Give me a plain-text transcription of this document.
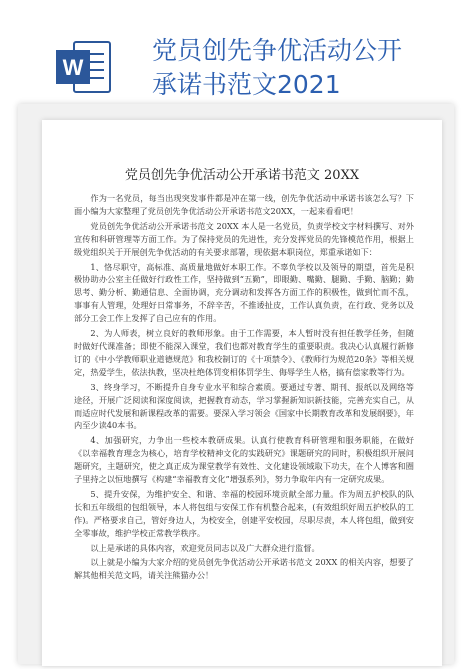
W
党员创先争优活动公开
承诺书范文2021
党员创先争优活动公开承诺书范文 20XX

作为一名党员，每当出现突发事件都是冲在第一线，创先争优活动中承诺书该怎么写？下面小编为大家整理了党员创先争优活动公开承诺书范文20XX，一起来看看吧！

党员创先争优活动公开承诺书范文 20XX 本人是一名党员，负责学校文字材料撰写、对外宣传和科研管理等方面工作。为了保持党员的先进性，充分发挥党员的先锋模范作用，根据上级党组织关于开展创先争优活动的有关要求部署，现依据本职岗位，郑重承诺如下：

1、恪尽职守，高标准、高质量地做好本职工作。不辜负学校以及领导的期望，首先是积极协助办公室主任做好行政性工作，坚持做到“五勤”，即眼勤、嘴勤、腿勤、手勤、脑勤；勤思考、勤分析、勤通信息、全面协调，充分调动和发挥各方面工作的积极性，做到忙而不乱，事事有人管理，处理好日常事务，不辞辛苦，不推诿扯皮，工作认真负责，在行政、党务以及部分工会工作上发挥了自己应有的作用。

2、为人师表，树立良好的教师形象。由于工作需要，本人暂时没有担任教学任务，但随时做好代课准备；即使不能深入课堂，我们也都对教育学生的重要职责。我决心认真履行新修订的《中小学教师职业道德规范》和我校制订的《十项禁令》、《教师行为规范20条》等相关规定，热爱学生，依法执教，坚决杜绝体罚变相体罚学生、侮辱学生人格，搞有偿家教等行为。

3、终身学习，不断提升自身专业水平和综合素质。要通过专著、期刊、报纸以及网络等途径，开展广泛阅读和深度阅读，把握教育动态，学习掌握新知识新技能，完善充实自己，从而适应时代发展和新课程改革的需要。要深入学习领会《国家中长期教育改革和发展纲要》，年内至少读40本书。

4、加强研究，力争出一些校本教研成果。认真行使教育科研管理和服务职能，在做好《以幸福教育理念为核心，培育学校精神文化的实践研究》课题研究的同时，积极组织开展问题研究，主题研究，使之真正成为课堂教学有效性、文化建设领域取下功夫，在个人博客和圈子里持之以恒地撰写《构建“幸福教育文化”增强系列》，努力争取年内有一定研究成果。

5、提升安保，为维护安全、和谐、幸福的校园环境贡献全部力量。作为周五护校队的队长和五年级组的包组领导，本人将包组与安保工作有机整合起来，(有效组织好周五护校队的工作)。严格要求自己，管好身边人，为校安全，创建平安校园，尽职尽责，本人将包组，做到安全零事故，维护学校正常教学秩序。

以上是承诺的具体内容，欢迎党员同志以及广大群众进行监督。

以上就是小编为大家介绍的党员创先争优活动公开承诺书范文 20XX 的相关内容，想要了解其他相关范文吗，请关注熊猫办公！
